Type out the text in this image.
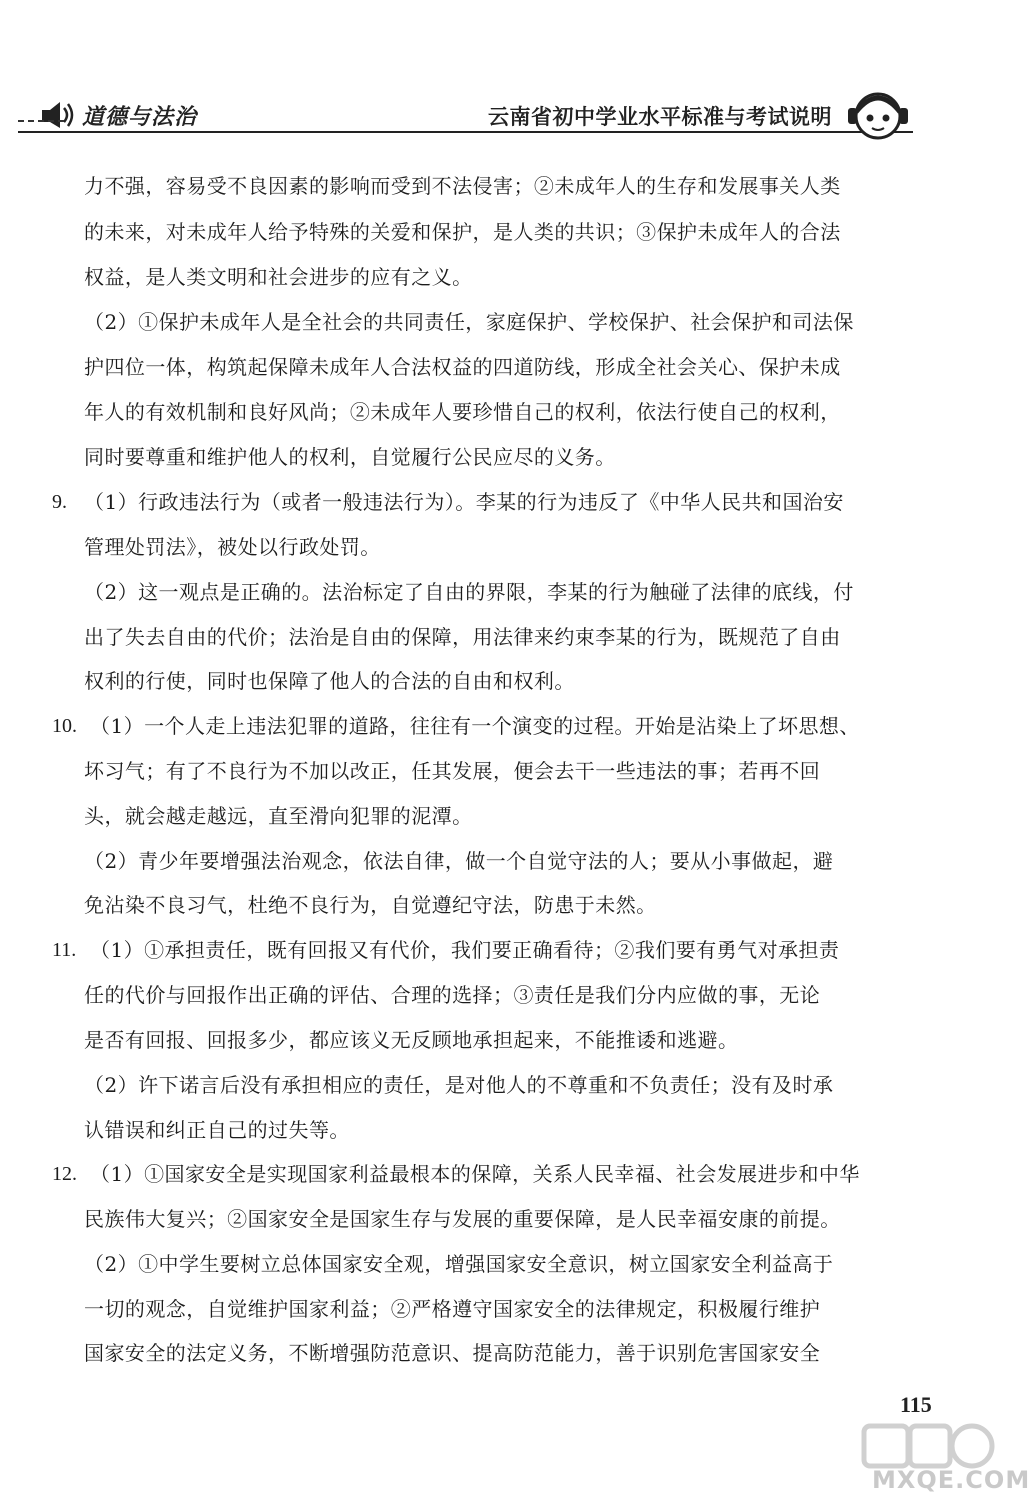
道德与法治	云南省初中学业水平标准与考试说明
力不强，容易受不良因素的影响而受到不法侵害；②未成年人的生存和发展事关人类
的未来，对未成年人给予特殊的关爱和保护，是人类的共识；③保护未成年人的合法
权益，是人类文明和社会进步的应有之义。
（2）①保护未成年人是全社会的共同责任，家庭保护、学校保护、社会保护和司法保
护四位一体，构筑起保障未成年人合法权益的四道防线，形成全社会关心、保护未成
年人的有效机制和良好风尚；②未成年人要珍惜自己的权利，依法行使自己的权利，
同时要尊重和维护他人的权利，自觉履行公民应尽的义务。
9. （1）行政违法行为（或者一般违法行为）。李某的行为违反了《中华人民共和国治安
管理处罚法》，被处以行政处罚。
（2）这一观点是正确的。法治标定了自由的界限，李某的行为触碰了法律的底线，付
出了失去自由的代价；法治是自由的保障，用法律来约束李某的行为，既规范了自由
权利的行使，同时也保障了他人的合法的自由和权利。
10. （1）一个人走上违法犯罪的道路，往往有一个演变的过程。开始是沾染上了坏思想、
坏习气；有了不良行为不加以改正，任其发展，便会去干一些违法的事；若再不回
头，就会越走越远，直至滑向犯罪的泥潭。
（2）青少年要增强法治观念，依法自律，做一个自觉守法的人；要从小事做起，避
免沾染不良习气，杜绝不良行为，自觉遵纪守法，防患于未然。
11. （1）①承担责任，既有回报又有代价，我们要正确看待；②我们要有勇气对承担责
任的代价与回报作出正确的评估、合理的选择；③责任是我们分内应做的事，无论
是否有回报、回报多少，都应该义无反顾地承担起来，不能推诿和逃避。
（2）许下诺言后没有承担相应的责任，是对他人的不尊重和不负责任；没有及时承
认错误和纠正自己的过失等。
12. （1）①国家安全是实现国家利益最根本的保障，关系人民幸福、社会发展进步和中华
民族伟大复兴；②国家安全是国家生存与发展的重要保障，是人民幸福安康的前提。
（2）①中学生要树立总体国家安全观，增强国家安全意识，树立国家安全利益高于
一切的观念，自觉维护国家利益；②严格遵守国家安全的法律规定，积极履行维护
国家安全的法定义务，不断增强防范意识、提高防范能力，善于识别危害国家安全
115
MXQE.COM
